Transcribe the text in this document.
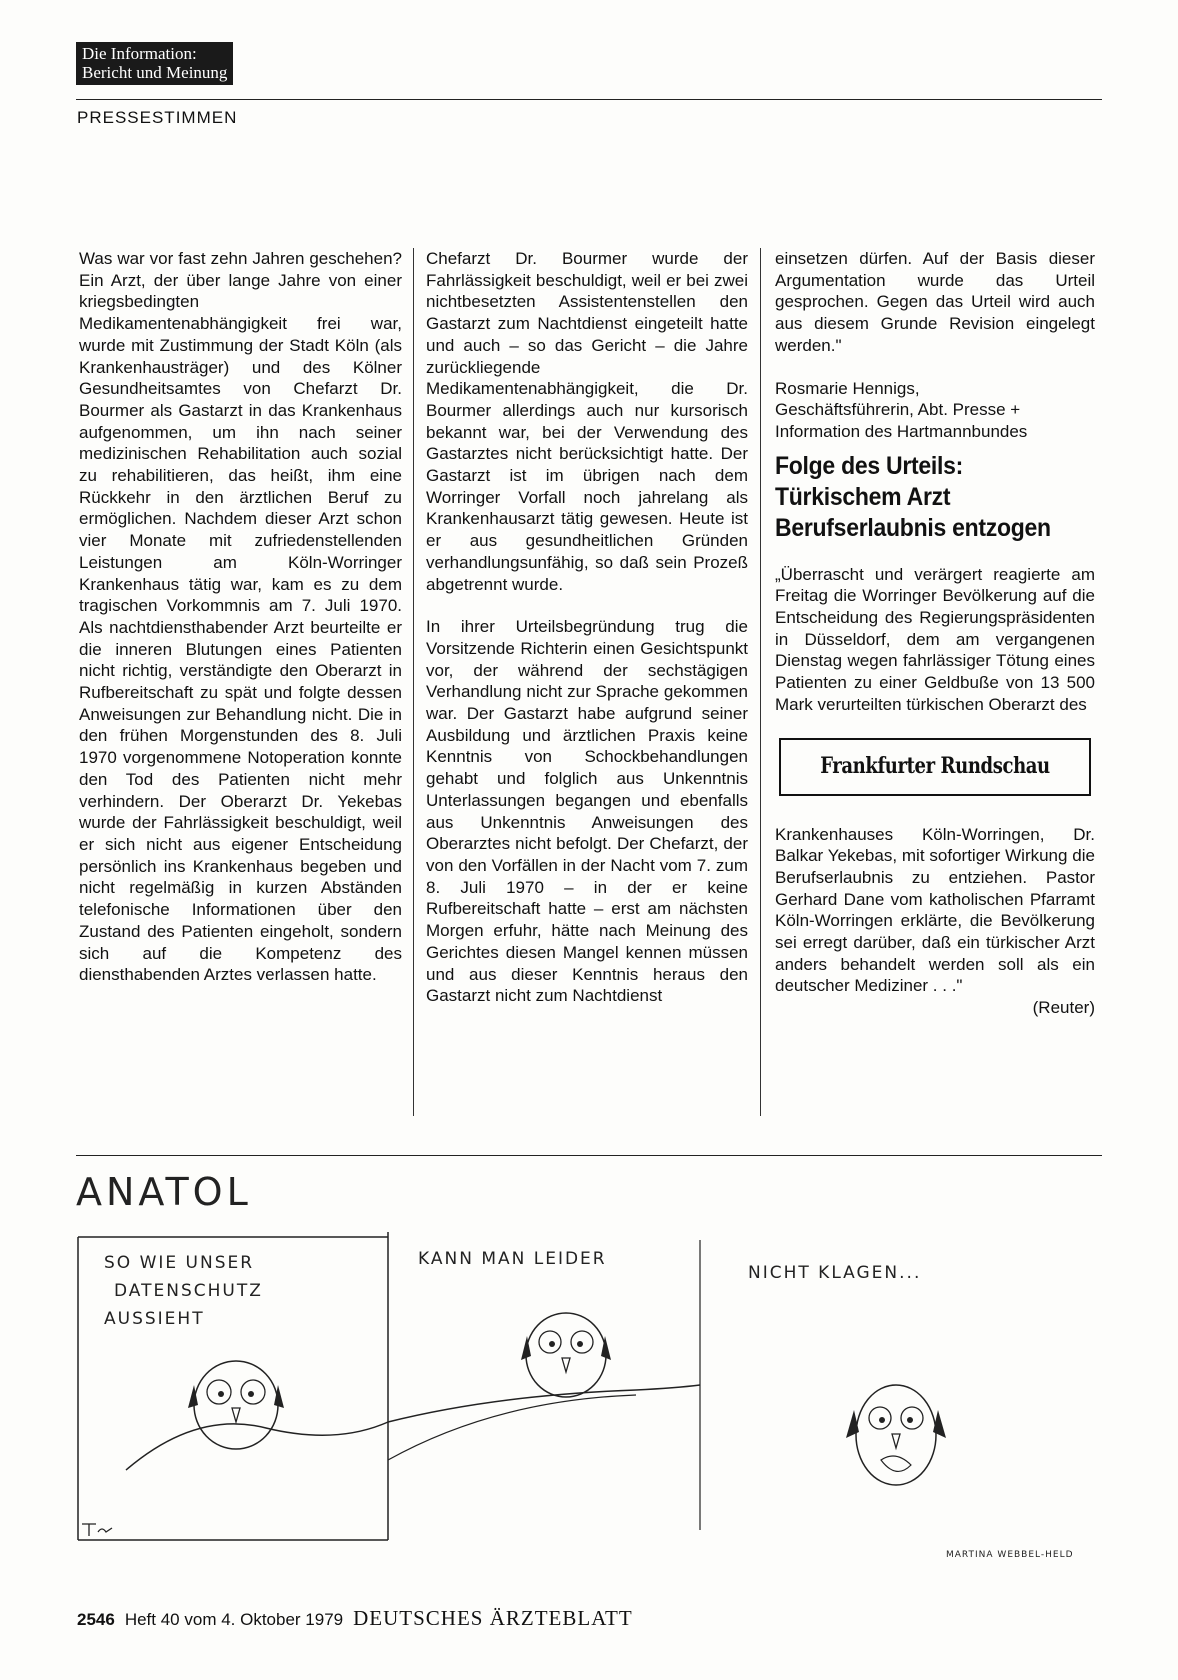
Die Information:
Bericht und Meinung
PRESSESTIMMEN

Was war vor fast zehn Jahren geschehen? Ein Arzt, der über lange Jahre von einer kriegsbedingten Medikamentenabhängigkeit frei war, wurde mit Zustimmung der Stadt Köln (als Krankenhausträger) und des Kölner Gesundheitsamtes von Chefarzt Dr. Bourmer als Gastarzt in das Krankenhaus aufgenommen, um ihn nach seiner medizinischen Rehabilitation auch sozial zu rehabilitieren, das heißt, ihm eine Rückkehr in den ärztlichen Beruf zu ermöglichen. Nachdem dieser Arzt schon vier Monate mit zufriedenstellenden Leistungen am Köln-Worringer Krankenhaus tätig war, kam es zu dem tragischen Vorkommnis am 7. Juli 1970. Als nachtdiensthabender Arzt beurteilte er die inneren Blutungen eines Patienten nicht richtig, verständigte den Oberarzt in Rufbereitschaft zu spät und folgte dessen Anweisungen zur Behandlung nicht. Die in den frühen Morgenstunden des 8. Juli 1970 vorgenommene Notoperation konnte den Tod des Patienten nicht mehr verhindern. Der Oberarzt Dr. Yekebas wurde der Fahrlässigkeit beschuldigt, weil er sich nicht aus eigener Entscheidung persönlich ins Krankenhaus begeben und nicht regelmäßig in kurzen Abständen telefonische Informationen über den Zustand des Patienten eingeholt, sondern sich auf die Kompetenz des diensthabenden Arztes verlassen hatte.

Chefarzt Dr. Bourmer wurde der Fahrlässigkeit beschuldigt, weil er bei zwei nichtbesetzten Assistentenstellen den Gastarzt zum Nachtdienst eingeteilt hatte und auch – so das Gericht – die Jahre zurückliegende Medikamentenabhängigkeit, die Dr. Bourmer allerdings auch nur kursorisch bekannt war, bei der Verwendung des Gastarztes nicht berücksichtigt hatte. Der Gastarzt ist im übrigen nach dem Worringer Vorfall noch jahrelang als Krankenhausarzt tätig gewesen. Heute ist er aus gesundheitlichen Gründen verhandlungsunfähig, so daß sein Prozeß abgetrennt wurde.

In ihrer Urteilsbegründung trug die Vorsitzende Richterin einen Gesichtspunkt vor, der während der sechstägigen Verhandlung nicht zur Sprache gekommen war. Der Gastarzt habe aufgrund seiner Ausbildung und ärztlichen Praxis keine Kenntnis von Schockbehandlungen gehabt und folglich aus Unkenntnis Unterlassungen begangen und ebenfalls aus Unkenntnis Anweisungen des Oberarztes nicht befolgt. Der Chefarzt, der von den Vorfällen in der Nacht vom 7. zum 8. Juli 1970 – in der er keine Rufbereitschaft hatte – erst am nächsten Morgen erfuhr, hätte nach Meinung des Gerichtes diesen Mangel kennen müssen und aus dieser Kenntnis heraus den Gastarzt nicht zum Nachtdienst

einsetzen dürfen. Auf der Basis dieser Argumentation wurde das Urteil gesprochen. Gegen das Urteil wird auch aus diesem Grunde Revision eingelegt werden."

Rosmarie Hennigs,
Geschäftsführerin, Abt. Presse +
Information des Hartmannbundes

Folge des Urteils:
Türkischem Arzt
Berufserlaubnis entzogen

„Überrascht und verärgert reagierte am Freitag die Worringer Bevölkerung auf die Entscheidung des Regierungspräsidenten in Düsseldorf, dem am vergangenen Dienstag wegen fahrlässiger Tötung eines Patienten zu einer Geldbuße von 13 500 Mark verurteilten türkischen Oberarzt des

Frankfurter Rundschau

Krankenhauses Köln-Worringen, Dr. Balkar Yekebas, mit sofortiger Wirkung die Berufserlaubnis zu entziehen. Pastor Gerhard Dane vom katholischen Pfarramt Köln-Worringen erklärte, die Bevölkerung sei erregt darüber, daß ein türkischer Arzt anders behandelt werden soll als ein deutscher Mediziner . . ."

(Reuter)
ANATOL
SO WIE UNSER
DATENSCHUTZ
AUSSIEHT
KANN MAN LEIDER
NICHT KLAGEN...
MARTINA WEBBEL-HELD
2546 Heft 40 vom 4. Oktober 1979 DEUTSCHES ÄRZTEBLATT
